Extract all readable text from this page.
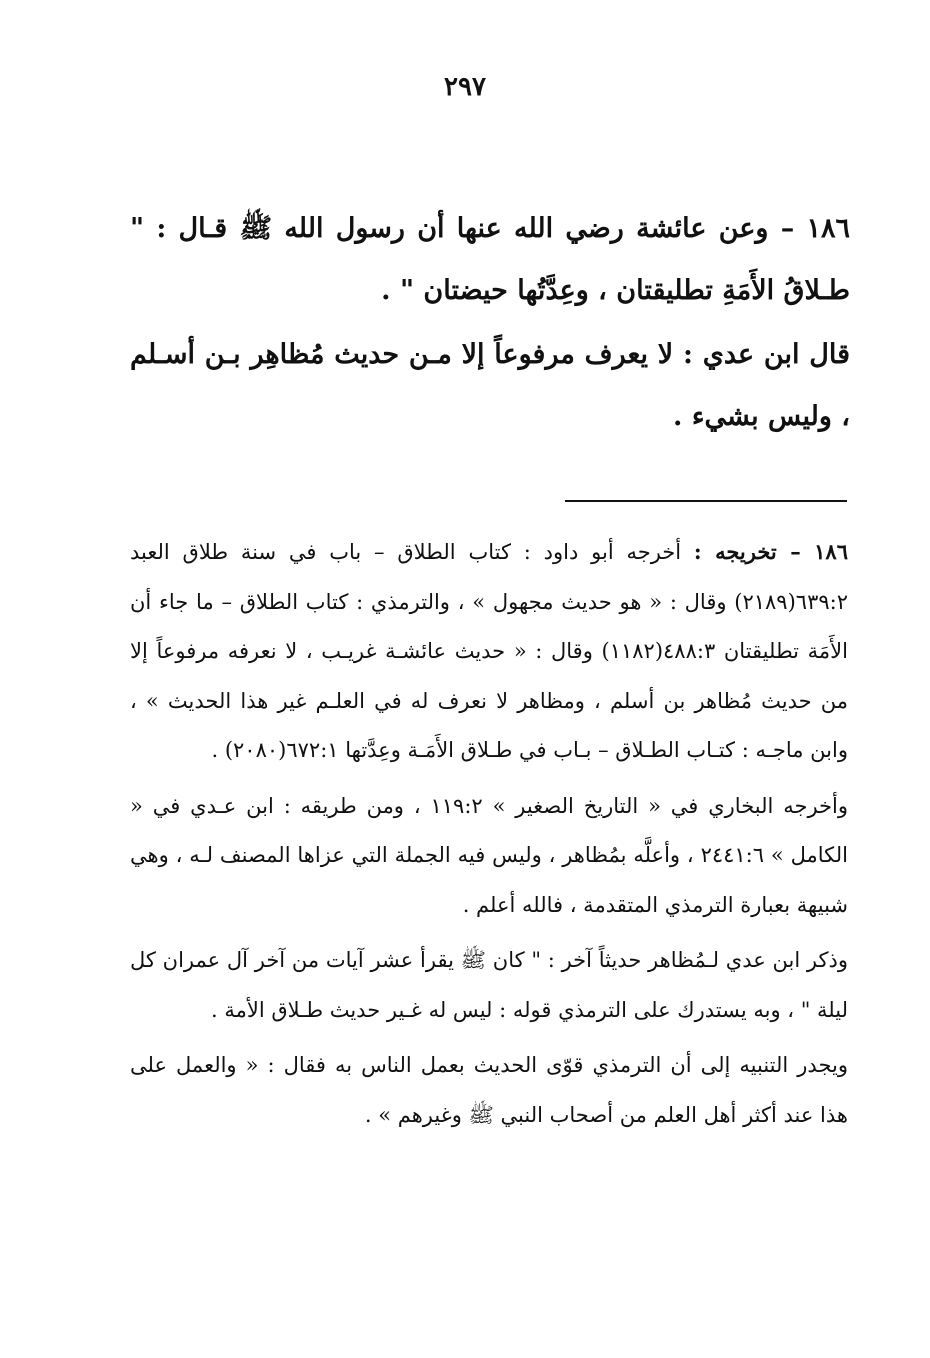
٢٩٧

١٨٦ – وعن عائشة رضي الله عنها أن رسول الله ﷺ قـال : " طـلاقُ الأَمَةِ تطليقتان ، وعِدَّتُها حيضتان " .

قال ابن عدي : لا يعرف مرفوعاً إلا مـن حديث مُظاهِر بـن أسـلم ، وليس بشيء .

١٨٦ – تخريجه : أخرجه أبو داود : كتاب الطلاق – باب في سنة طلاق العبد ٦٣٩:٢(٢١٨٩) وقال : « هو حديث مجهول » ، والترمذي : كتاب الطلاق – ما جاء أن الأَمَة تطليقتان ٤٨٨:٣(١١٨٢) وقال : « حديث عائشـة غريـب ، لا نعرفه مرفوعاً إلا من حديث مُظاهر بن أسلم ، ومظاهر لا نعرف له في العلـم غير هذا الحديث » ، وابن ماجـه : كتـاب الطـلاق – بـاب في طـلاق الأَمَـة وعِدَّتها ٦٧٢:١(٢٠٨٠) .

وأخرجه البخاري في « التاريخ الصغير » ١١٩:٢ ، ومن طريقه : ابن عـدي في « الكامل » ٢٤٤١:٦ ، وأعلَّه بمُظاهر ، وليس فيه الجملة التي عزاها المصنف لـه ، وهي شبيهة بعبارة الترمذي المتقدمة ، فالله أعلم .

وذكر ابن عدي لـمُظاهر حديثاً آخر : " كان ﷺ يقرأ عشر آيات من آخر آل عمران كل ليلة " ، وبه يستدرك على الترمذي قوله : ليس له غـير حديث طـلاق الأمة .

ويجدر التنبيه إلى أن الترمذي قوّى الحديث بعمل الناس به فقال : « والعمل على هذا عند أكثر أهل العلم من أصحاب النبي ﷺ وغيرهم » .
